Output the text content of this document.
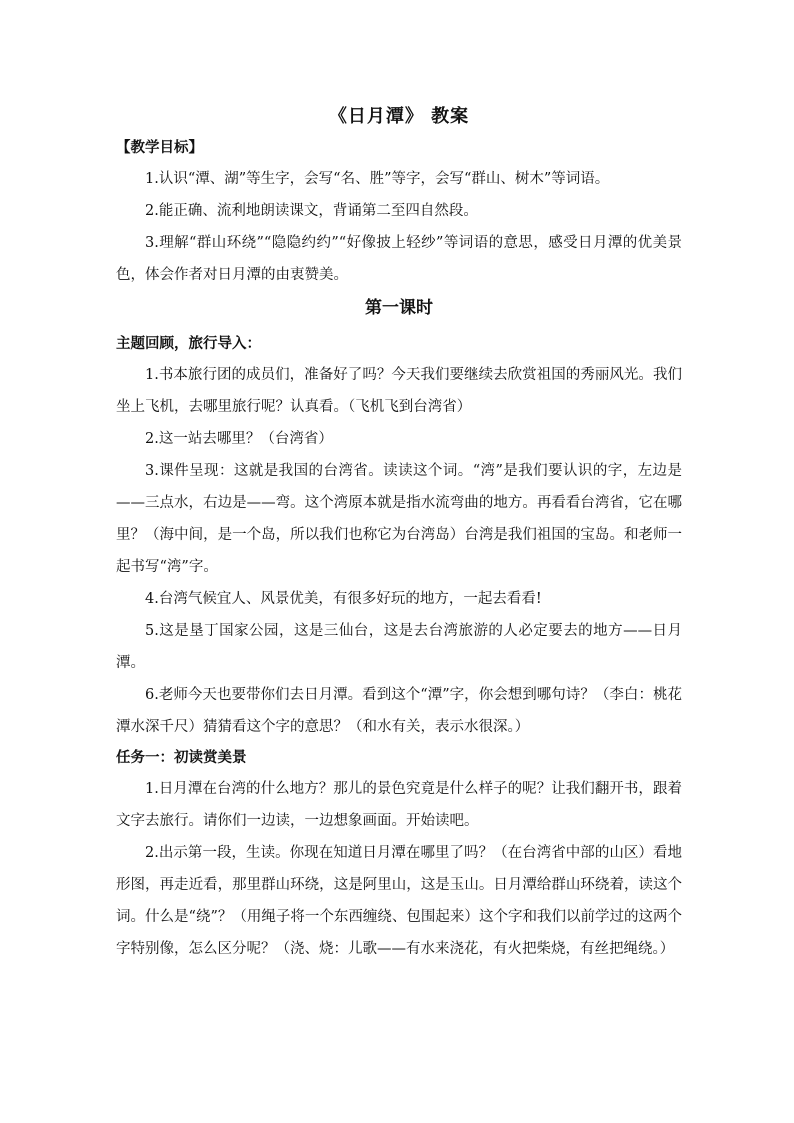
《日月潭》 教案
【教学目标】

1.认识“潭、湖”等生字，会写“名、胜”等字，会写“群山、树木”等词语。

2.能正确、流利地朗读课文，背诵第二至四自然段。

3.理解“群山环绕”“隐隐约约”“好像披上轻纱”等词语的意思，感受日月潭的优美景色，体会作者对日月潭的由衷赞美。

第一课时
主题回顾，旅行导入：

1.书本旅行团的成员们，准备好了吗？今天我们要继续去欣赏祖国的秀丽风光。我们坐上飞机，去哪里旅行呢？认真看。（飞机飞到台湾省）

2.这一站去哪里？（台湾省）

3.课件呈现：这就是我国的台湾省。读读这个词。“湾”是我们要认识的字，左边是——三点水，右边是——弯。这个湾原本就是指水流弯曲的地方。再看看台湾省，它在哪里？（海中间，是一个岛，所以我们也称它为台湾岛）台湾是我们祖国的宝岛。和老师一起书写“湾”字。

4.台湾气候宜人、风景优美，有很多好玩的地方，一起去看看!

5.这是垦丁国家公园，这是三仙台，这是去台湾旅游的人必定要去的地方——日月潭。

6.老师今天也要带你们去日月潭。看到这个“潭”字，你会想到哪句诗？（李白：桃花潭水深千尺）猜猜看这个字的意思？（和水有关，表示水很深。）

任务一：初读赏美景

1.日月潭在台湾的什么地方？那儿的景色究竟是什么样子的呢？让我们翻开书，跟着文字去旅行。请你们一边读，一边想象画面。开始读吧。

2.出示第一段，生读。你现在知道日月潭在哪里了吗？（在台湾省中部的山区）看地形图，再走近看，那里群山环绕，这是阿里山，这是玉山。日月潭给群山环绕着，读这个词。什么是“绕”？（用绳子将一个东西缠绕、包围起来）这个字和我们以前学过的这两个字特别像，怎么区分呢？（浇、烧：儿歌——有水来浇花，有火把柴烧，有丝把绳绕。）
